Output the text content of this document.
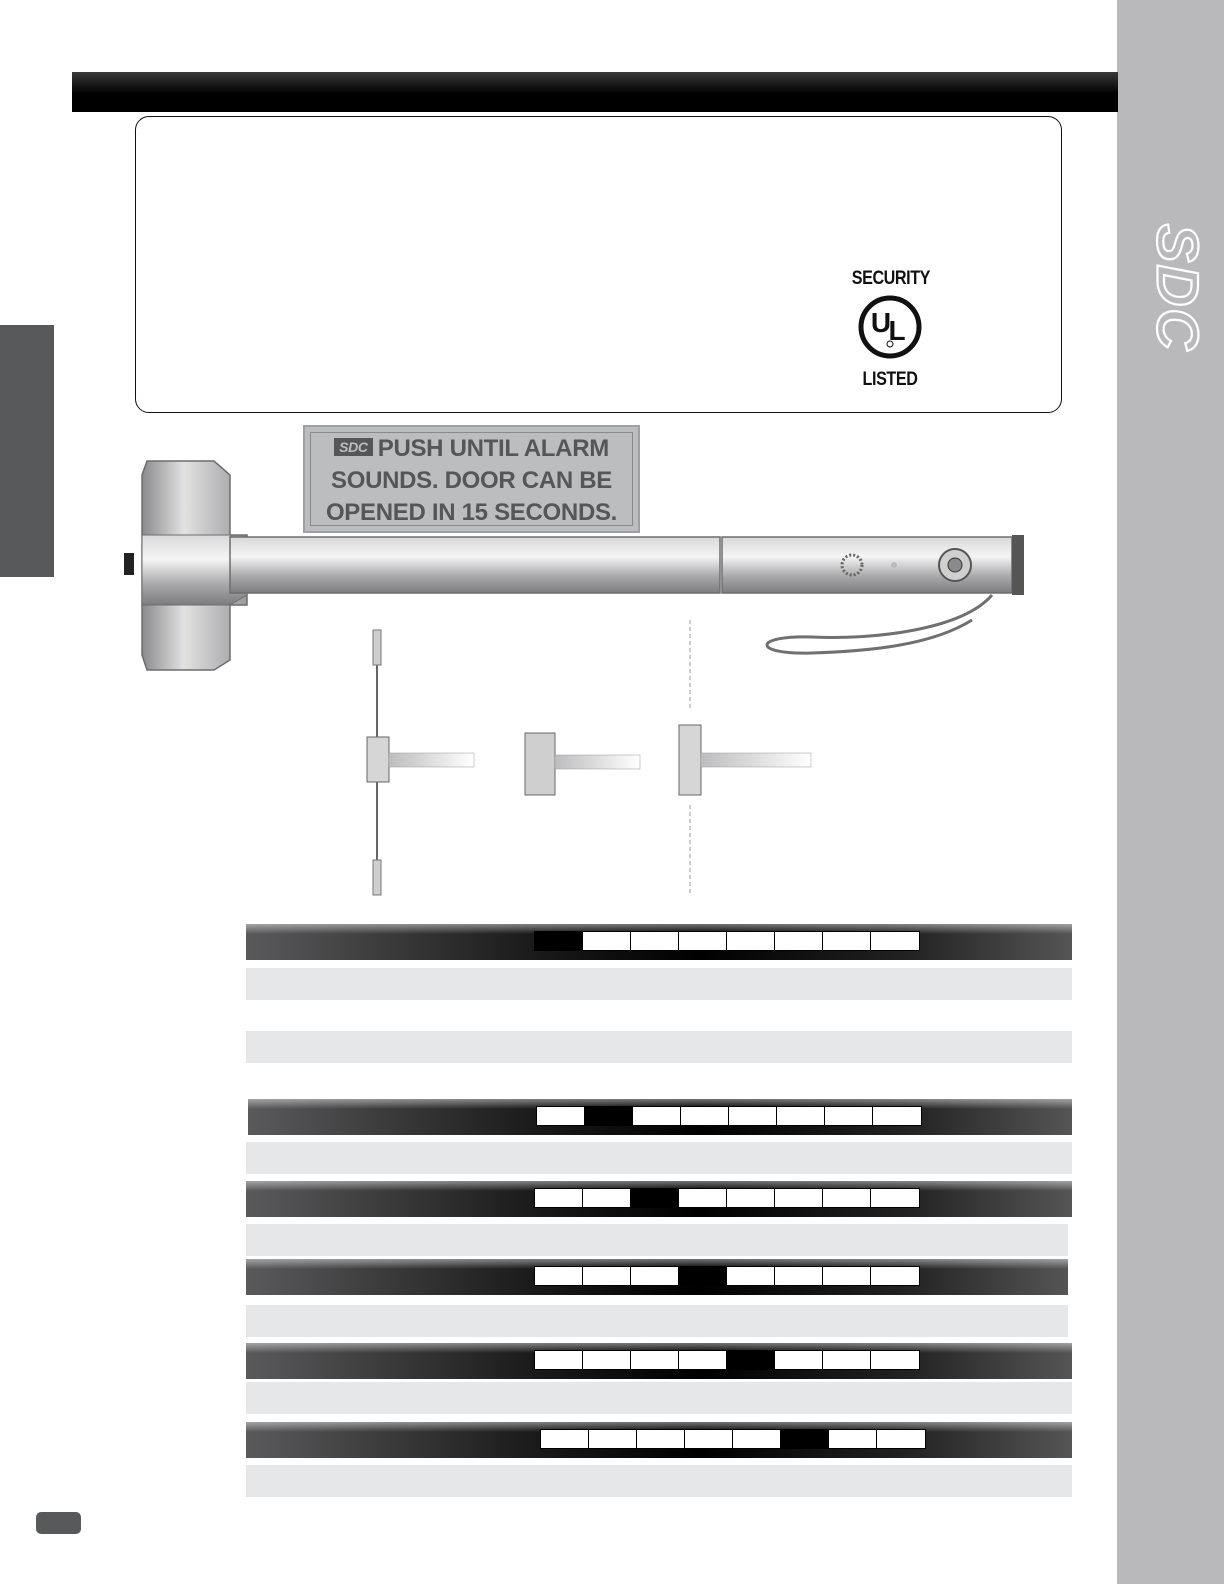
SDC
SECURITY
U
L
LISTED
SDC PUSH UNTIL ALARM
SOUNDS. DOOR CAN BE
OPENED IN 15 SECONDS.
